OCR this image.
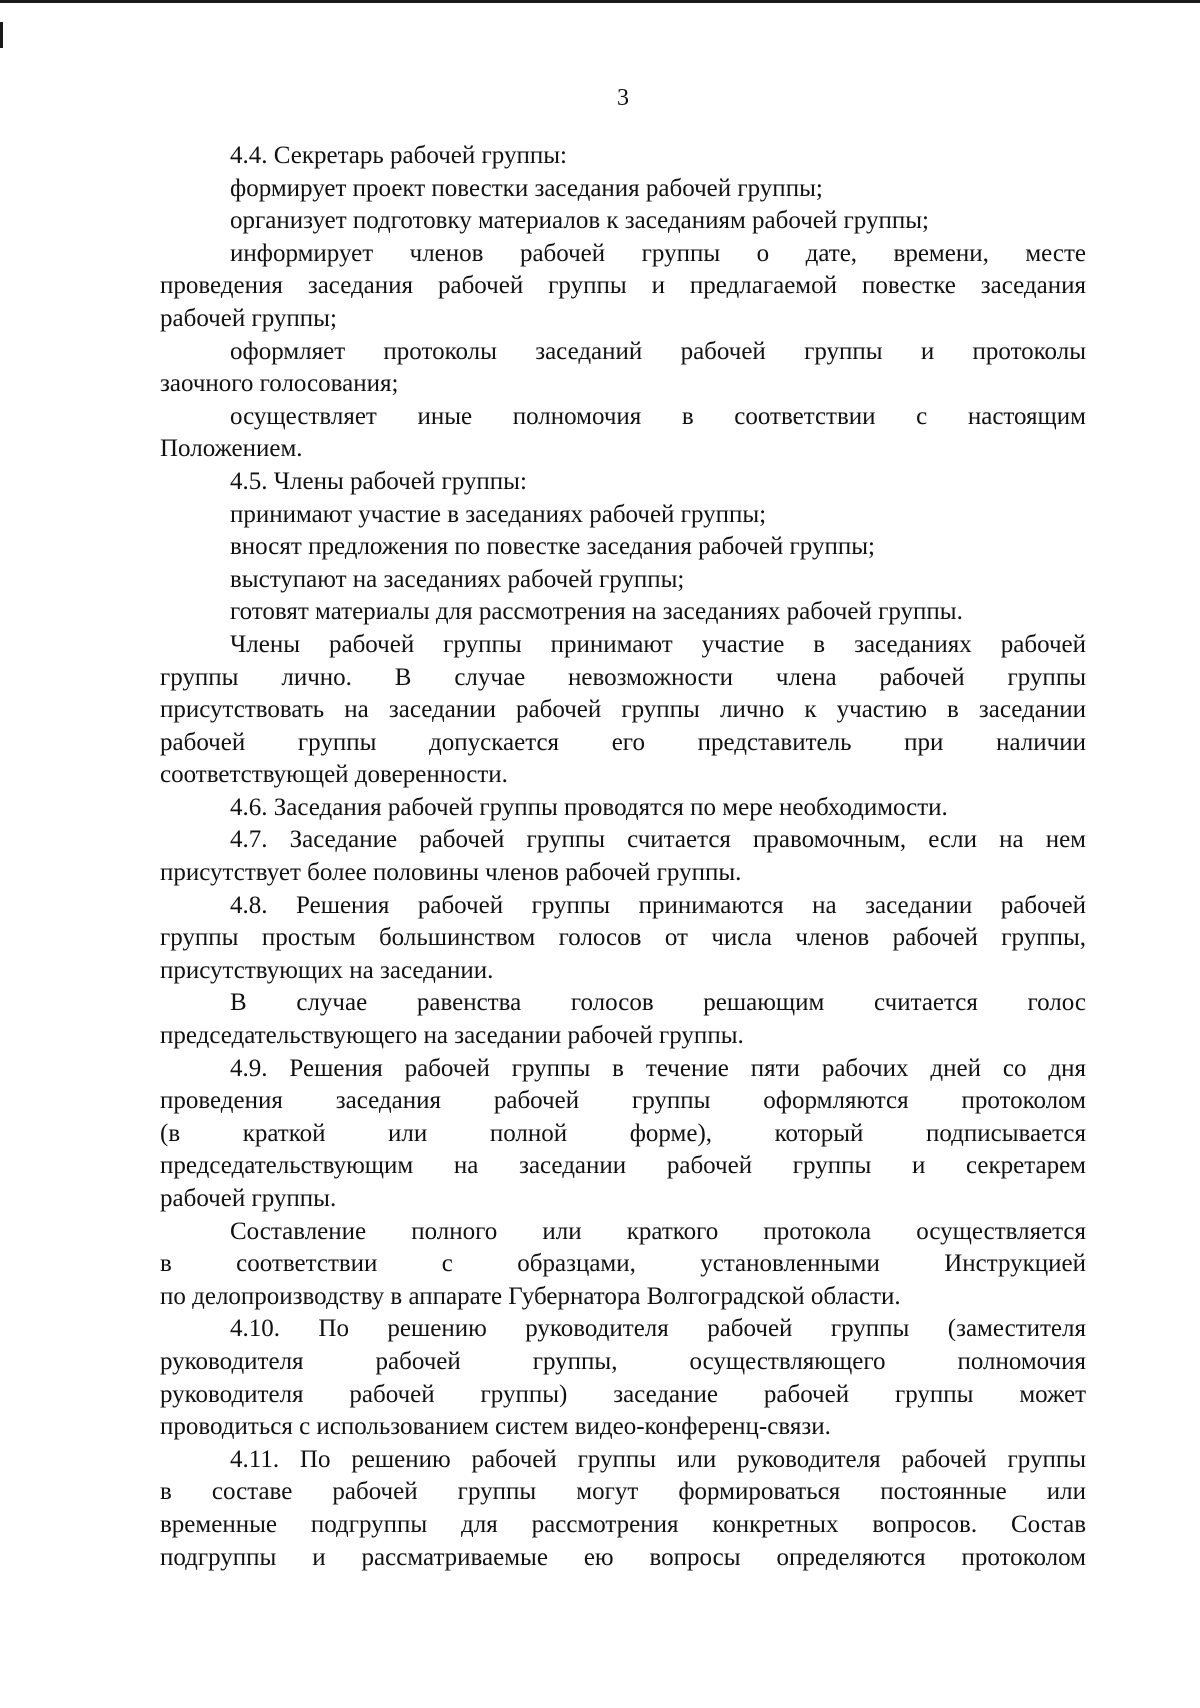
3
4.4. Секретарь рабочей группы:
формирует проект повестки заседания рабочей группы;
организует подготовку материалов к заседаниям рабочей группы;
информирует членов рабочей группы о дате, времени, месте
проведения заседания рабочей группы и предлагаемой повестке заседания
рабочей группы;
оформляет протоколы заседаний рабочей группы и протоколы
заочного голосования;
осуществляет иные полномочия в соответствии с настоящим
Положением.
4.5. Члены рабочей группы:
принимают участие в заседаниях рабочей группы;
вносят предложения по повестке заседания рабочей группы;
выступают на заседаниях рабочей группы;
готовят материалы для рассмотрения на заседаниях рабочей группы.
Члены рабочей группы принимают участие в заседаниях рабочей
группы лично. В случае невозможности члена рабочей группы
присутствовать на заседании рабочей группы лично к участию в заседании
рабочей группы допускается его представитель при наличии
соответствующей доверенности.
4.6. Заседания рабочей группы проводятся по мере необходимости.
4.7. Заседание рабочей группы считается правомочным, если на нем
присутствует более половины членов рабочей группы.
4.8. Решения рабочей группы принимаются на заседании рабочей
группы простым большинством голосов от числа членов рабочей группы,
присутствующих на заседании.
В случае равенства голосов решающим считается голос
председательствующего на заседании рабочей группы.
4.9. Решения рабочей группы в течение пяти рабочих дней со дня
проведения заседания рабочей группы оформляются протоколом
(в краткой или полной форме), который подписывается
председательствующим на заседании рабочей группы и секретарем
рабочей группы.
Составление полного или краткого протокола осуществляется
в соответствии с образцами, установленными Инструкцией
по делопроизводству в аппарате Губернатора Волгоградской области.
4.10. По решению руководителя рабочей группы (заместителя
руководителя рабочей группы, осуществляющего полномочия
руководителя рабочей группы) заседание рабочей группы может
проводиться с использованием систем видео-конференц-связи.
4.11. По решению рабочей группы или руководителя рабочей группы
в составе рабочей группы могут формироваться постоянные или
временные подгруппы для рассмотрения конкретных вопросов. Состав
подгруппы и рассматриваемые ею вопросы определяются протоколом
